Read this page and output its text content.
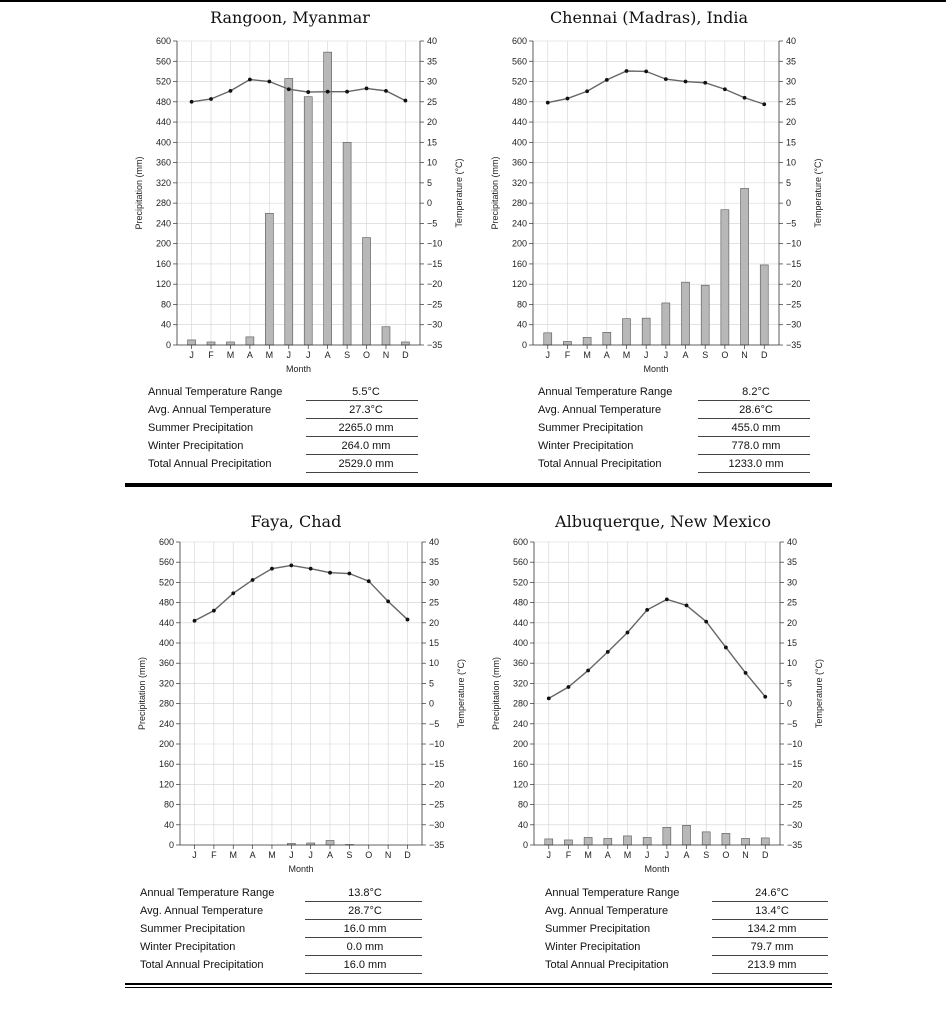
Rangoon, Myanmar	Chennai (Madras), India
Faya, Chad	Albuquerque, New Mexico
0
40
80
120
160
200
240
280
320
360
400
440
480
520
560
600	40
35
30
25
20
15
10
5
0
−5
−10
−15
−20
−25
−30
−35
J F M A M J J A S O N D
Month
Precipitation (mm)	Temperature (°C)
0
40
80
120
160
200
240
280
320
360
400
440
480
520
560
600	40
35
30
25
20
15
10
5
0
−5
−10
−15
−20
−25
−30
−35
J F M A M J J A S O N D
Month
Precipitation (mm)	Temperature (°C)
0
40
80
120
160
200
240
280
320
360
400
440
480
520
560
600	40
35
30
25
20
15
10
5
0
−5
−10
−15
−20
−25
−30
−35
J F M A M J J A S O N D
Month
Precipitation (mm)	Temperature (°C)
0
40
80
120
160
200
240
280
320
360
400
440
480
520
560
600	40
35
30
25
20
15
10
5
0
−5
−10
−15
−20
−25
−30
−35
J F M A M J J A S O N D
Month
Precipitation (mm)	Temperature (°C)
Annual Temperature Range	5.5°C
Avg. Annual Temperature	27.3°C
Summer Precipitation	2265.0 mm
Winter Precipitation	264.0 mm
Total Annual Precipitation	2529.0 mm
Annual Temperature Range	8.2°C
Avg. Annual Temperature	28.6°C
Summer Precipitation	455.0 mm
Winter Precipitation	778.0 mm
Total Annual Precipitation	1233.0 mm
Annual Temperature Range	13.8°C
Avg. Annual Temperature	28.7°C
Summer Precipitation	16.0 mm
Winter Precipitation	0.0 mm
Total Annual Precipitation	16.0 mm
Annual Temperature Range	24.6°C
Avg. Annual Temperature	13.4°C
Summer Precipitation	134.2 mm
Winter Precipitation	79.7 mm
Total Annual Precipitation	213.9 mm
